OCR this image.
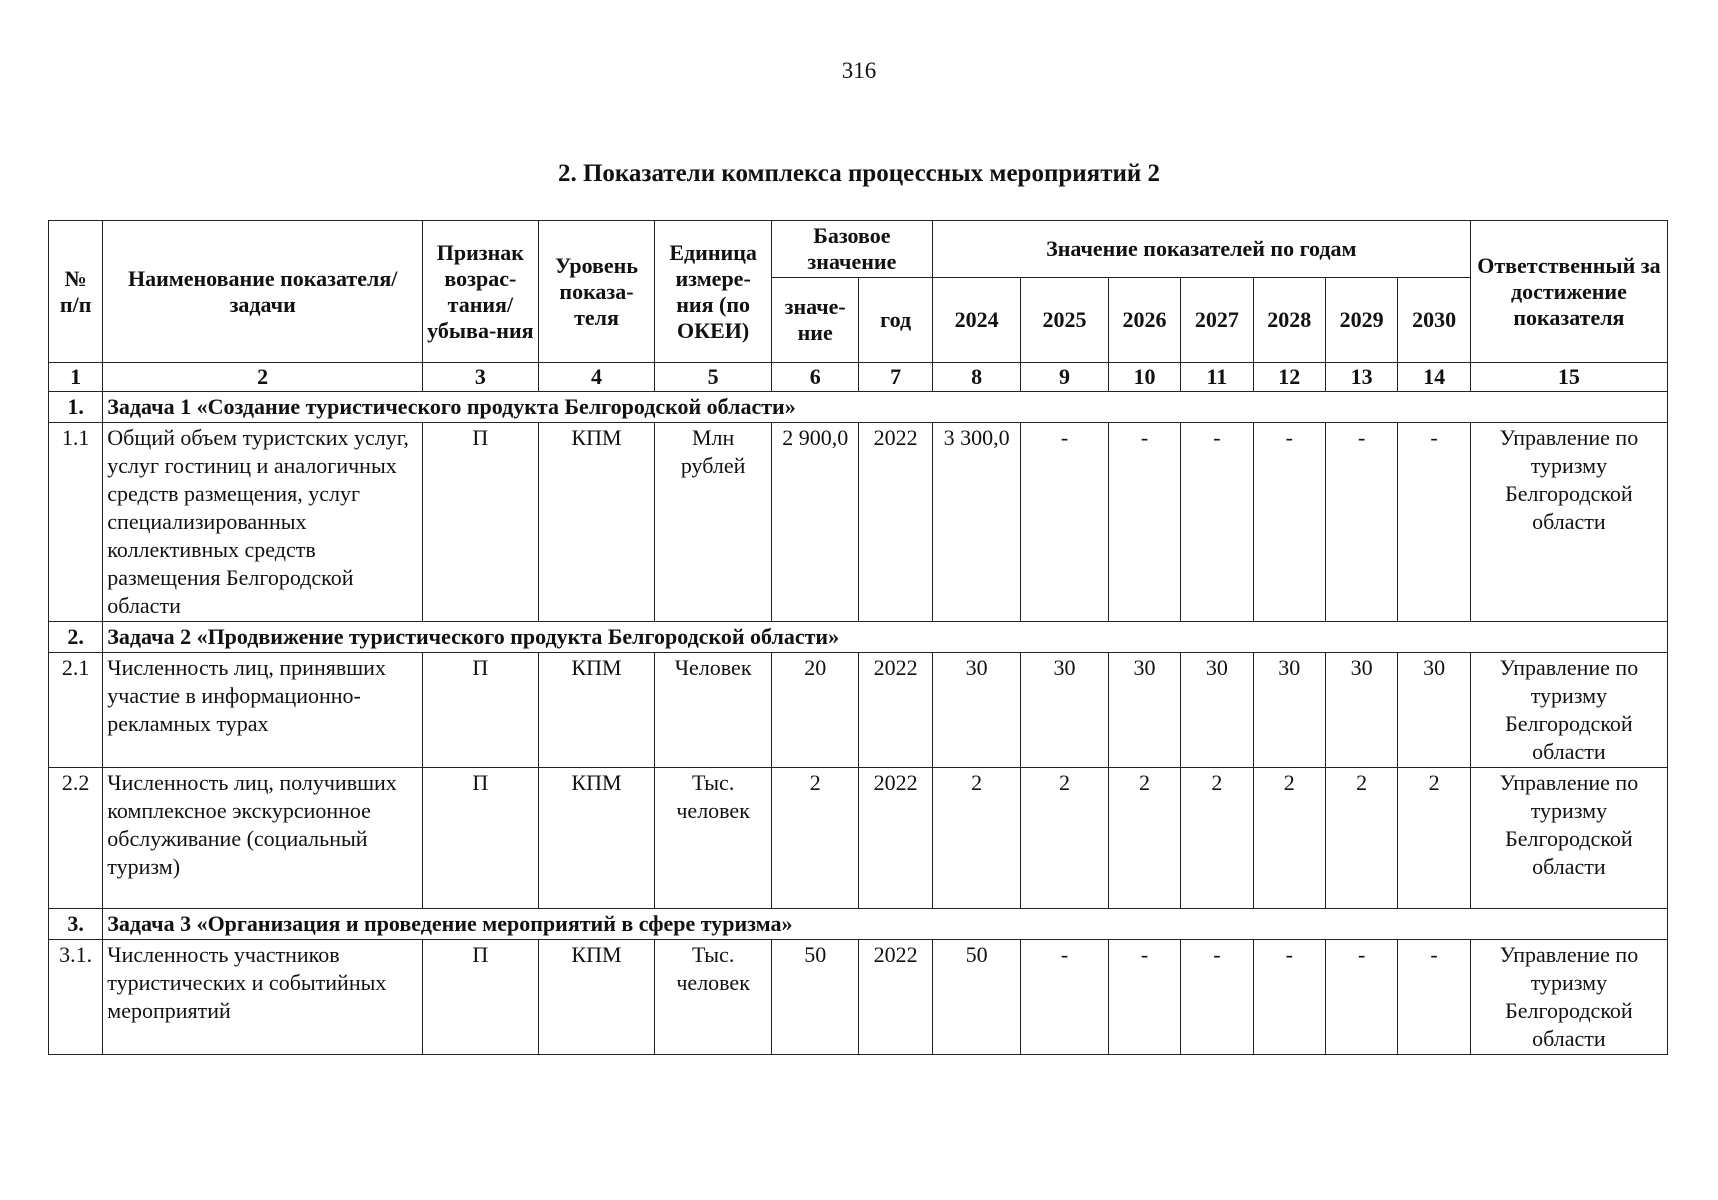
316
2. Показатели комплекса процессных мероприятий 2
№ п/п	Наименование показателя/задачи	Признак возрас-тания/ убыва-ния	Уровень показа-теля	Единица измере-ния (по ОКЕИ)	Базовое значение		Значение показателей по годам							Ответственный за достижение показателя
					значе-ние	год	2024	2025	2026	2027	2028	2029	2030	
1	2	3	4	5	6	7	8	9	10	11	12	13	14	15
1.	Задача 1 «Создание туристического продукта Белгородской области»													
1.1	Общий объем туристских услуг, услуг гостиниц и аналогичных средств размещения, услуг специализированных коллективных средств размещения Белгородской области	П	КПМ	Млн рублей	2 900,0	2022	3 300,0	-	-	-	-	-	-	Управление по туризму Белгородской области
2.	Задача 2 «Продвижение туристического продукта Белгородской области»													
2.1	Численность лиц, принявших участие в информационно-рекламных турах	П	КПМ	Человек	20	2022	30	30	30	30	30	30	30	Управление по туризму Белгородской области
2.2	Численность лиц, получивших комплексное экскурсионное обслуживание (социальный туризм)	П	КПМ	Тыс. человек	2	2022	2	2	2	2	2	2	2	Управление по туризму Белгородской области
3.	Задача 3 «Организация и проведение мероприятий в сфере туризма»													
3.1.	Численность участников туристических и событийных мероприятий	П	КПМ	Тыс. человек	50	2022	50	-	-	-	-	-	-	Управление по туризму Белгородской области
